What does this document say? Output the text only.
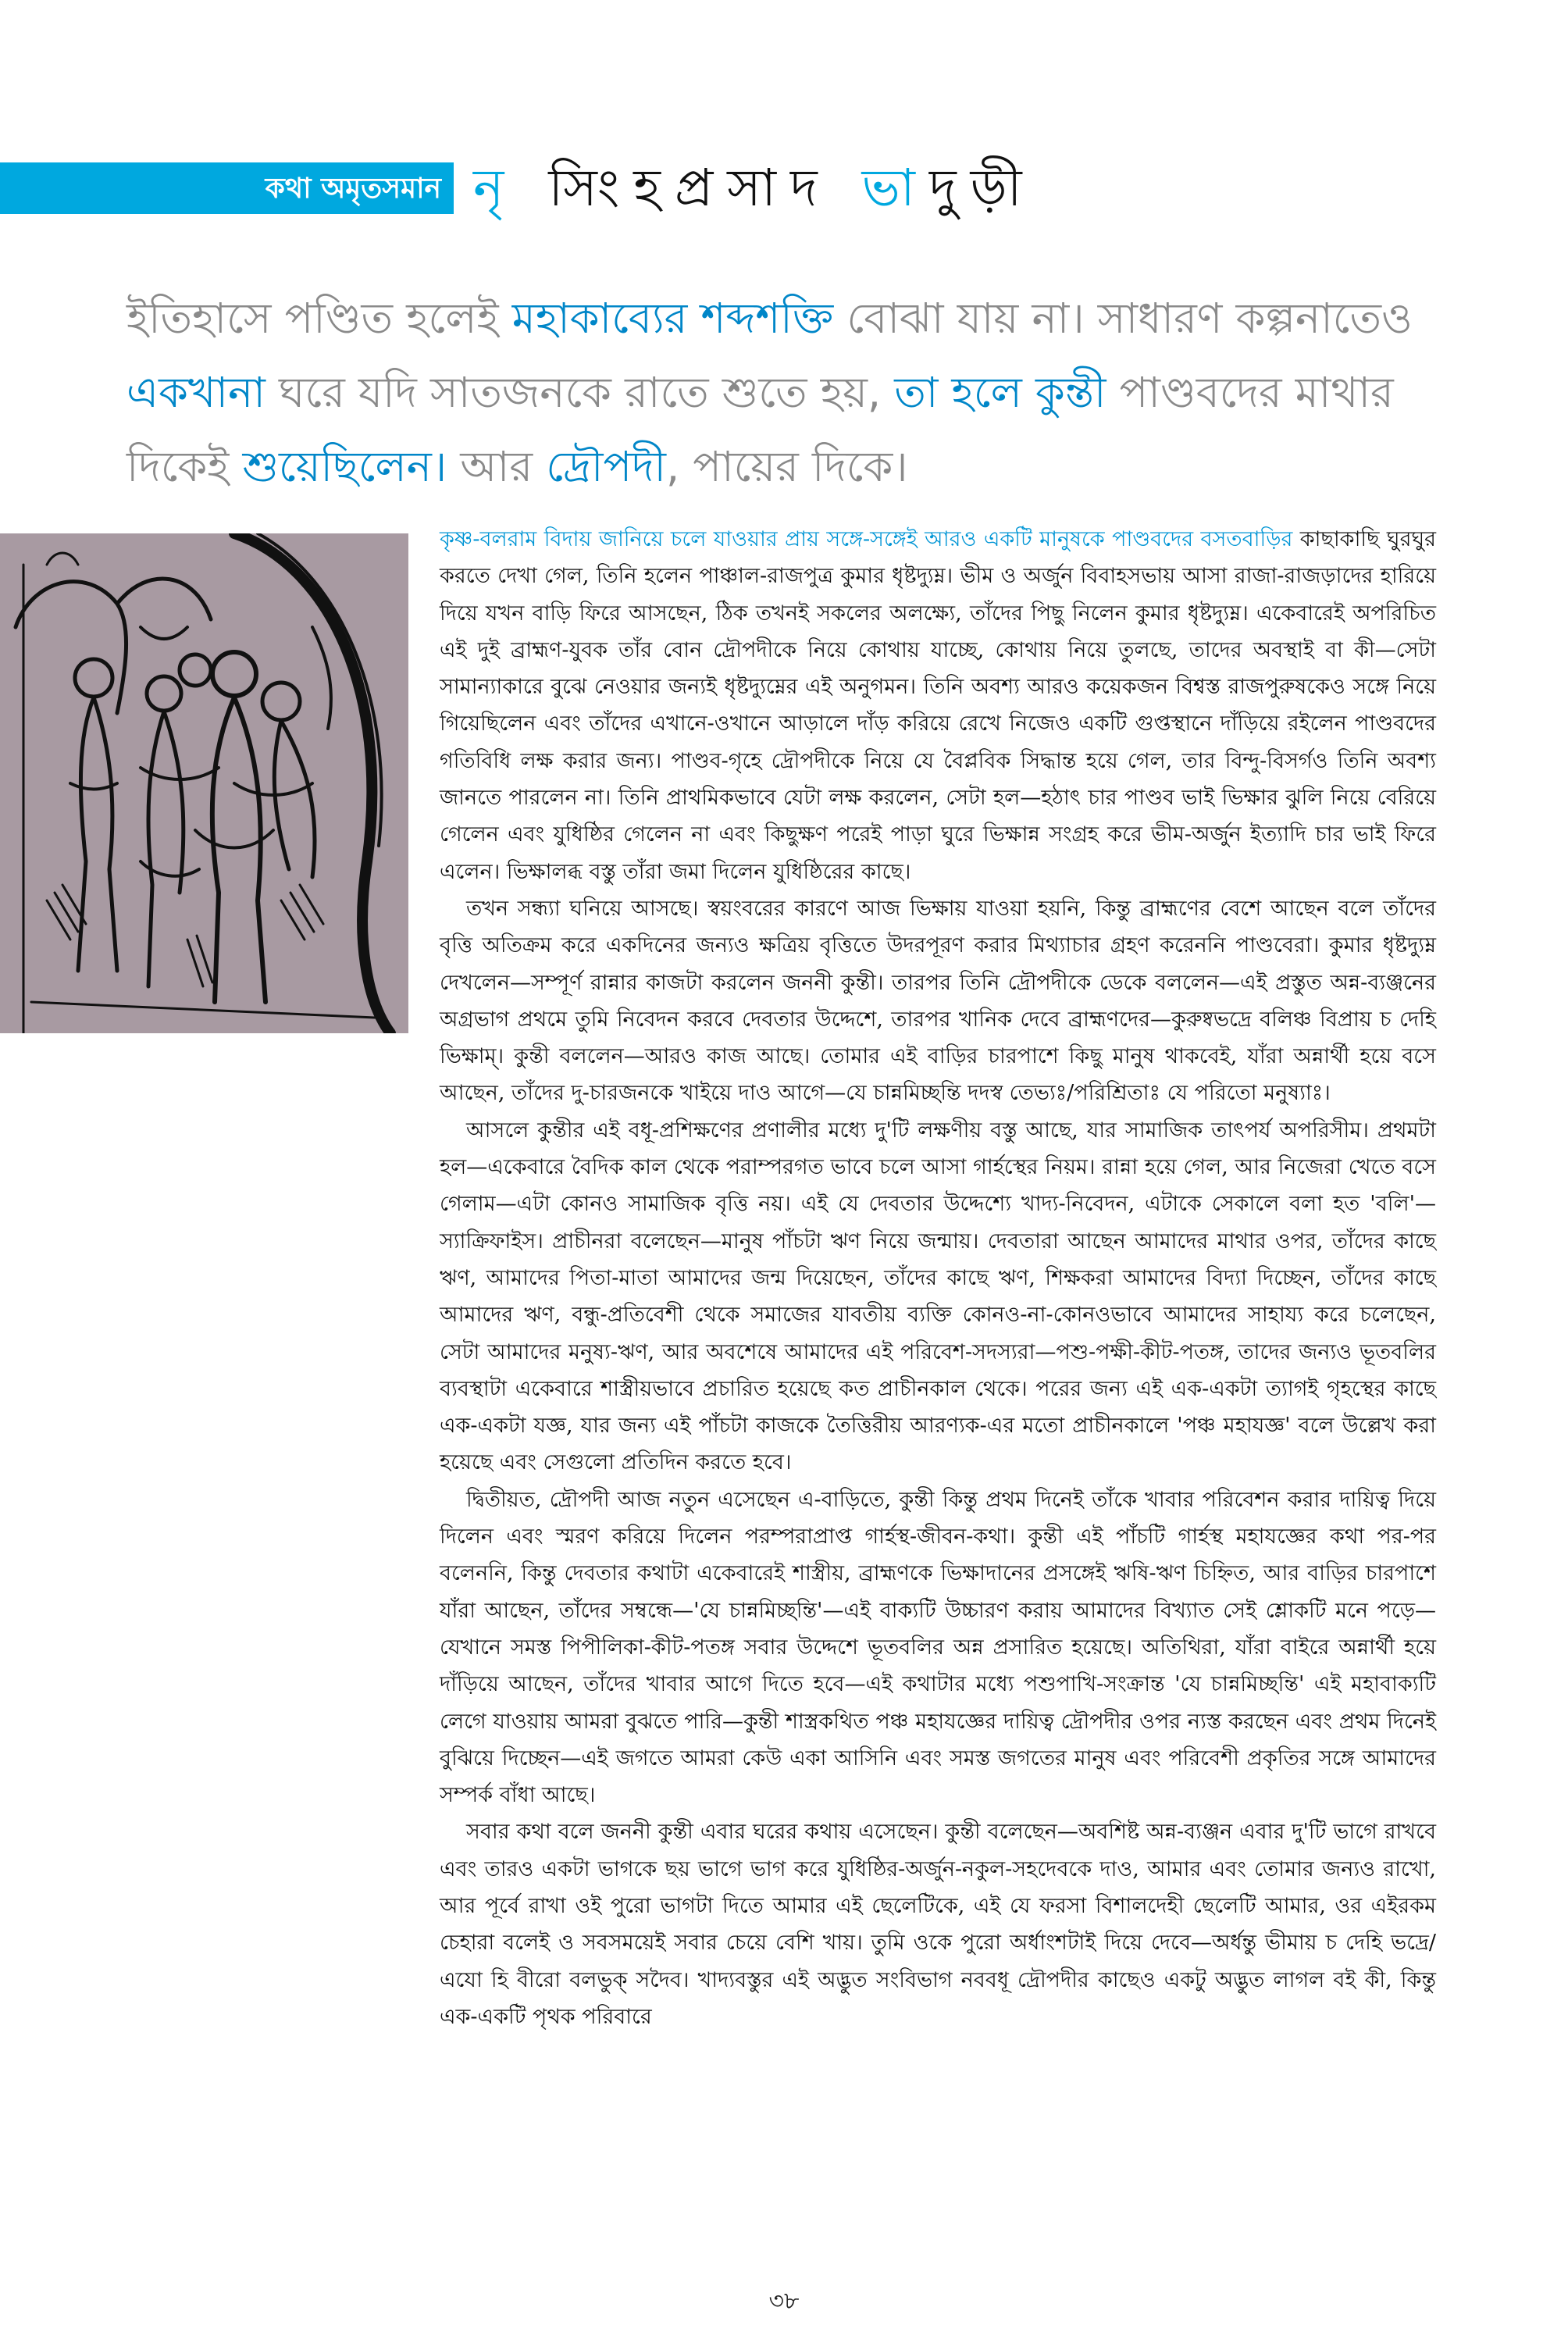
কথা অমৃতসমান নৃ সিংহপ্রসাদ ভাদুড়ী
ইতিহাসে পণ্ডিত হলেই মহাকাব্যের শব্দশক্তি বোঝা যায় না। সাধারণ কল্পনাতেও একখানা ঘরে যদি সাতজনকে রাতে শুতে হয়, তা হলে কুন্তী পাণ্ডবদের মাথার দিকেই শুয়েছিলেন। আর দ্রৌপদী, পায়ের দিকে।

কৃষ্ণ-বলরাম বিদায় জানিয়ে চলে যাওয়ার প্রায় সঙ্গে-সঙ্গেই আরও একটি মানুষকে পাণ্ডবদের বসতবাড়ির কাছাকাছি ঘুরঘুর করতে দেখা গেল, তিনি হলেন পাঞ্চাল-রাজপুত্র কুমার ধৃষ্টদ্যুম্ন। ভীম ও অর্জুন বিবাহসভায় আসা রাজা-রাজড়াদের হারিয়ে দিয়ে যখন বাড়ি ফিরে আসছেন, ঠিক তখনই সকলের অলক্ষ্যে, তাঁদের পিছু নিলেন কুমার ধৃষ্টদ্যুম্ন। একেবারেই অপরিচিত এই দুই ব্রাহ্মণ-যুবক তাঁর বোন দ্রৌপদীকে নিয়ে কোথায় যাচ্ছে, কোথায় নিয়ে তুলছে, তাদের অবস্থাই বা কী—সেটা সামান্যাকারে বুঝে নেওয়ার জন্যই ধৃষ্টদ্যুম্নের এই অনুগমন। তিনি অবশ্য আরও কয়েকজন বিশ্বস্ত রাজপুরুষকেও সঙ্গে নিয়ে গিয়েছিলেন এবং তাঁদের এখানে-ওখানে আড়ালে দাঁড় করিয়ে রেখে নিজেও একটি গুপ্তস্থানে দাঁড়িয়ে রইলেন পাণ্ডবদের গতিবিধি লক্ষ করার জন্য। পাণ্ডব-গৃহে দ্রৌপদীকে নিয়ে যে বৈপ্লবিক সিদ্ধান্ত হয়ে গেল, তার বিন্দু-বিসর্গও তিনি অবশ্য জানতে পারলেন না। তিনি প্রাথমিকভাবে যেটা লক্ষ করলেন, সেটা হল—হঠাৎ চার পাণ্ডব ভাই ভিক্ষার ঝুলি নিয়ে বেরিয়ে গেলেন এবং যুধিষ্ঠির গেলেন না এবং কিছুক্ষণ পরেই পাড়া ঘুরে ভিক্ষান্ন সংগ্রহ করে ভীম-অর্জুন ইত্যাদি চার ভাই ফিরে এলেন। ভিক্ষালব্ধ বস্তু তাঁরা জমা দিলেন যুধিষ্ঠিরের কাছে।

তখন সন্ধ্যা ঘনিয়ে আসছে। স্বয়ংবরের কারণে আজ ভিক্ষায় যাওয়া হয়নি, কিন্তু ব্রাহ্মণের বেশে আছেন বলে তাঁদের বৃত্তি অতিক্রম করে একদিনের জন্যও ক্ষত্রিয় বৃত্তিতে উদরপূরণ করার মিথ্যাচার গ্রহণ করেননি পাণ্ডবেরা। কুমার ধৃষ্টদ্যুম্ন দেখলেন—সম্পূর্ণ রান্নার কাজটা করলেন জননী কুন্তী। তারপর তিনি দ্রৌপদীকে ডেকে বললেন—এই প্রস্তুত অন্ন-ব্যঞ্জনের অগ্রভাগ প্রথমে তুমি নিবেদন করবে দেবতার উদ্দেশে, তারপর খানিক দেবে ব্রাহ্মণদের—কুরুষ্বভদ্রে বলিঞ্চ বিপ্রায় চ দেহি ভিক্ষাম্। কুন্তী বললেন—আরও কাজ আছে। তোমার এই বাড়ির চারপাশে কিছু মানুষ থাকবেই, যাঁরা অন্নার্থী হয়ে বসে আছেন, তাঁদের দু-চারজনকে খাইয়ে দাও আগে—যে চান্নমিচ্ছন্তি দদস্ব তেভ্যঃ/পরিশ্রিতাঃ যে পরিতো মনুষ্যাঃ।

আসলে কুন্তীর এই বধূ-প্রশিক্ষণের প্রণালীর মধ্যে দু'টি লক্ষণীয় বস্তু আছে, যার সামাজিক তাৎপর্য অপরিসীম। প্রথমটা হল—একেবারে বৈদিক কাল থেকে পরাম্পরগত ভাবে চলে আসা গার্হস্থের নিয়ম। রান্না হয়ে গেল, আর নিজেরা খেতে বসে গেলাম—এটা কোনও সামাজিক বৃত্তি নয়। এই যে দেবতার উদ্দেশ্যে খাদ্য-নিবেদন, এটাকে সেকালে বলা হত 'বলি'—স্যাক্রিফাইস। প্রাচীনরা বলেছেন—মানুষ পাঁচটা ঋণ নিয়ে জন্মায়। দেবতারা আছেন আমাদের মাথার ওপর, তাঁদের কাছে ঋণ, আমাদের পিতা-মাতা আমাদের জন্ম দিয়েছেন, তাঁদের কাছে ঋণ, শিক্ষকরা আমাদের বিদ্যা দিচ্ছেন, তাঁদের কাছে আমাদের ঋণ, বন্ধু-প্রতিবেশী থেকে সমাজের যাবতীয় ব্যক্তি কোনও-না-কোনওভাবে আমাদের সাহায্য করে চলেছেন, সেটা আমাদের মনুষ্য-ঋণ, আর অবশেষে আমাদের এই পরিবেশ-সদস্যরা—পশু-পক্ষী-কীট-পতঙ্গ, তাদের জন্যও ভূতবলির ব্যবস্থাটা একেবারে শাস্ত্রীয়ভাবে প্রচারিত হয়েছে কত প্রাচীনকাল থেকে। পরের জন্য এই এক-একটা ত্যাগই গৃহস্থের কাছে এক-একটা যজ্ঞ, যার জন্য এই পাঁচটা কাজকে তৈত্তিরীয় আরণ্যক-এর মতো প্রাচীনকালে 'পঞ্চ মহাযজ্ঞ' বলে উল্লেখ করা হয়েছে এবং সেগুলো প্রতিদিন করতে হবে।

দ্বিতীয়ত, দ্রৌপদী আজ নতুন এসেছেন এ-বাড়িতে, কুন্তী কিন্তু প্রথম দিনেই তাঁকে খাবার পরিবেশন করার দায়িত্ব দিয়ে দিলেন এবং স্মরণ করিয়ে দিলেন পরম্পরাপ্রাপ্ত গার্হস্থ-জীবন-কথা। কুন্তী এই পাঁচটি গার্হস্থ মহাযজ্ঞের কথা পর-পর বলেননি, কিন্তু দেবতার কথাটা একেবারেই শাস্ত্রীয়, ব্রাহ্মণকে ভিক্ষাদানের প্রসঙ্গেই ঋষি-ঋণ চিহ্নিত, আর বাড়ির চারপাশে যাঁরা আছেন, তাঁদের সম্বন্ধে—'যে চান্নমিচ্ছন্তি'—এই বাক্যটি উচ্চারণ করায় আমাদের বিখ্যাত সেই শ্লোকটি মনে পড়ে—যেখানে সমস্ত পিপীলিকা-কীট-পতঙ্গ সবার উদ্দেশে ভূতবলির অন্ন প্রসারিত হয়েছে। অতিথিরা, যাঁরা বাইরে অন্নার্থী হয়ে দাঁড়িয়ে আছেন, তাঁদের খাবার আগে দিতে হবে—এই কথাটার মধ্যে পশুপাখি-সংক্রান্ত 'যে চান্নমিচ্ছন্তি' এই মহাবাক্যটি লেগে যাওয়ায় আমরা বুঝতে পারি—কুন্তী শাস্ত্রকথিত পঞ্চ মহাযজ্ঞের দায়িত্ব দ্রৌপদীর ওপর ন্যস্ত করছেন এবং প্রথম দিনেই বুঝিয়ে দিচ্ছেন—এই জগতে আমরা কেউ একা আসিনি এবং সমস্ত জগতের মানুষ এবং পরিবেশী প্রকৃতির সঙ্গে আমাদের সম্পর্ক বাঁধা আছে।

সবার কথা বলে জননী কুন্তী এবার ঘরের কথায় এসেছেন। কুন্তী বলেছেন—অবশিষ্ট অন্ন-ব্যঞ্জন এবার দু'টি ভাগে রাখবে এবং তারও একটা ভাগকে ছয় ভাগে ভাগ করে যুধিষ্ঠির-অর্জুন-নকুল-সহদেবকে দাও, আমার এবং তোমার জন্যও রাখো, আর পূর্বে রাখা ওই পুরো ভাগটা দিতে আমার এই ছেলেটিকে, এই যে ফরসা বিশালদেহী ছেলেটি আমার, ওর এইরকম চেহারা বলেই ও সবসময়েই সবার চেয়ে বেশি খায়। তুমি ওকে পুরো অর্ধাংশটাই দিয়ে দেবে—অর্ধন্তু ভীমায় চ দেহি ভদ্রে/এযো হি বীরো বলভুক্ সদৈব। খাদ্যবস্তুর এই অদ্ভুত সংবিভাগ নববধূ দ্রৌপদীর কাছেও একটু অদ্ভুত লাগল বই কী, কিন্তু এক-একটি পৃথক পরিবারে

৩৮
